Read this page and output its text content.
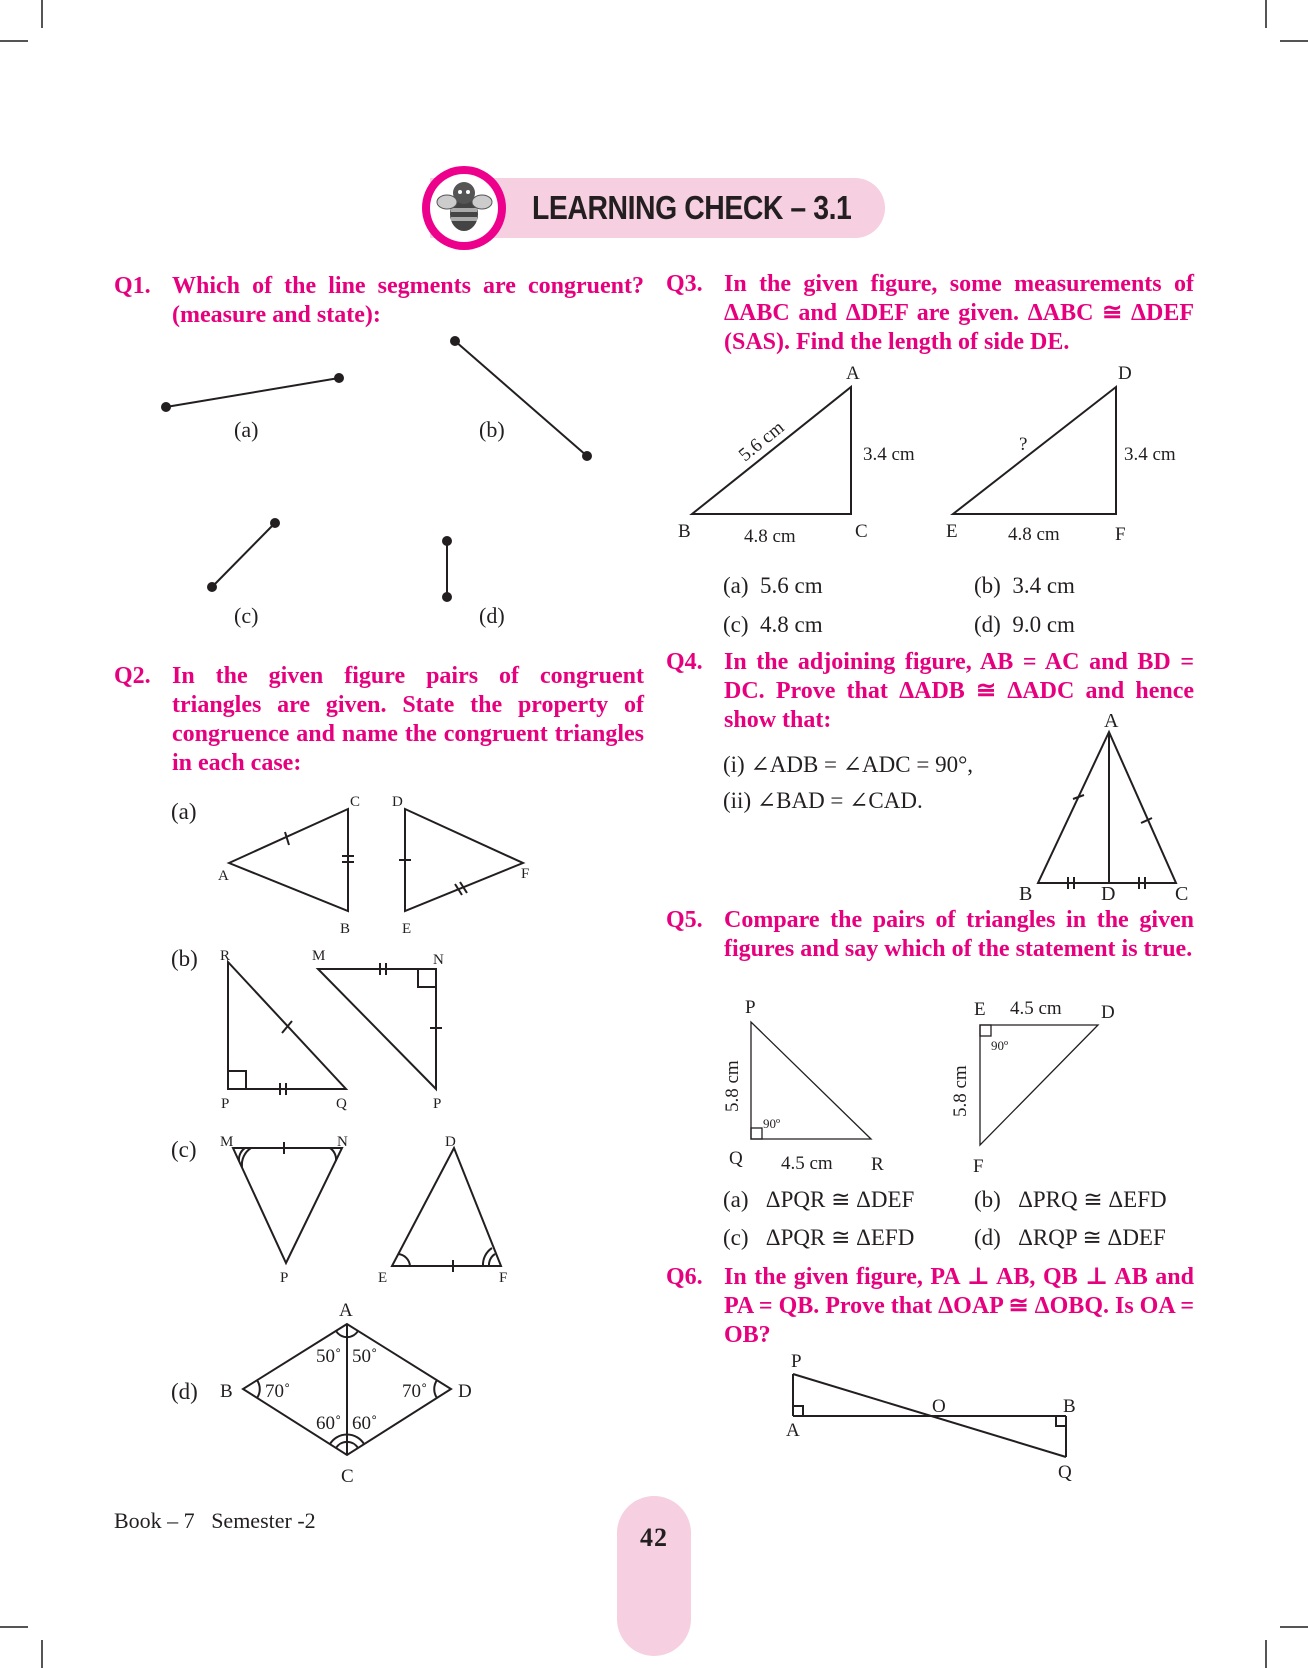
LEARNING CHECK – 3.1
Q1. Which of the line segments are congruent? (measure and state):
(a)	(b)
(c)	(d)
Q2. In the given figure pairs of congruent triangles are given. State the property of congruence and name the congruent triangles in each case:
A
B
C D
E
F
R
P	Q
M	N
P
M	N
P
D
E	F
A
B
C
D
50˚ 50˚
70˚	70˚
60˚ 60˚
(a)
(b)
(c)
(d)
Q3. In the given figure, some measurements of ΔABC and ΔDEF are given. ΔABC ≅ ΔDEF (SAS). Find the length of side DE.
A
B	C
5.6 cm	3.4 cm
4.8 cm
D
E	F
?	3.4 cm
4.8 cm
(a) 5.6 cm	(b) 3.4 cm
(c) 4.8 cm	(d) 9.0 cm
Q4. In the adjoining figure, AB = AC and BD = DC. Prove that ΔADB ≅ ΔADC and hence show that:
(i) ∠ADB = ∠ADC = 90°,
(ii) ∠BAD = ∠CAD.
A
B	D	C
Q5. Compare the pairs of triangles in the given figures and say which of the statement is true.
P
Q	R
5.8 cm
4.5 cm
E	D
F
5.8 cm
4.5 cm
90º
90º
(a) ΔPQR ≅ ΔDEF	(b) ΔPRQ ≅ ΔEFD
(c) ΔPQR ≅ ΔEFD	(d) ΔRQP ≅ ΔDEF
Q6. In the given figure, PA ⊥ AB, QB ⊥ AB and PA = QB. Prove that ΔOAP ≅ ΔOBQ. Is OA = OB?
P
A
O	B
Q
Book – 7 Semester -2
42
